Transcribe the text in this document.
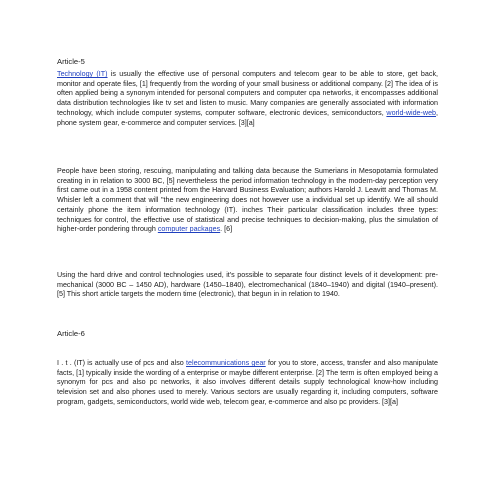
Article-5

Technology (IT) is usually the effective use of personal computers and telecom gear to be able to store, get back, monitor and operate files, [1] frequently from the wording of your small business or additional company. [2] The idea of is often applied being a synonym intended for personal computers and computer cpa networks, it encompasses additional data distribution technologies like tv set and listen to music. Many companies are generally associated with information technology, which include computer systems, computer software, electronic devices, semiconductors, world-wide-web, phone system gear, e-commerce and computer services. [3][a]

People have been storing, rescuing, manipulating and talking data because the Sumerians in Mesopotamia formulated creating in in relation to 3000 BC, [5] nevertheless the period information technology in the modern-day perception very first came out in a 1958 content printed from the Harvard Business Evaluation; authors Harold J. Leavitt and Thomas M. Whisler left a comment that will "the new engineering does not however use a individual set up identify. We all should certainly phone the item information technology (IT). inches Their particular classification includes three types: techniques for control, the effective use of statistical and precise techniques to decision-making, plus the simulation of higher-order pondering through computer packages. [6]

Using the hard drive and control technologies used, it's possible to separate four distinct levels of it development: pre-mechanical (3000 BC – 1450 AD), hardware (1450–1840), electromechanical (1840–1940) and digital (1940–present). [5] This short article targets the modern time (electronic), that begun in in relation to 1940.

Article-6

I . t . (IT) is actually use of pcs and also telecommunications gear for you to store, access, transfer and also manipulate facts, [1] typically inside the wording of a enterprise or maybe different enterprise. [2] The term is often employed being a synonym for pcs and also pc networks, it also involves different details supply technological know-how including television set and also phones used to merely. Various sectors are usually regarding it, including computers, software program, gadgets, semiconductors, world wide web, telecom gear, e-commerce and also pc providers. [3][a]
